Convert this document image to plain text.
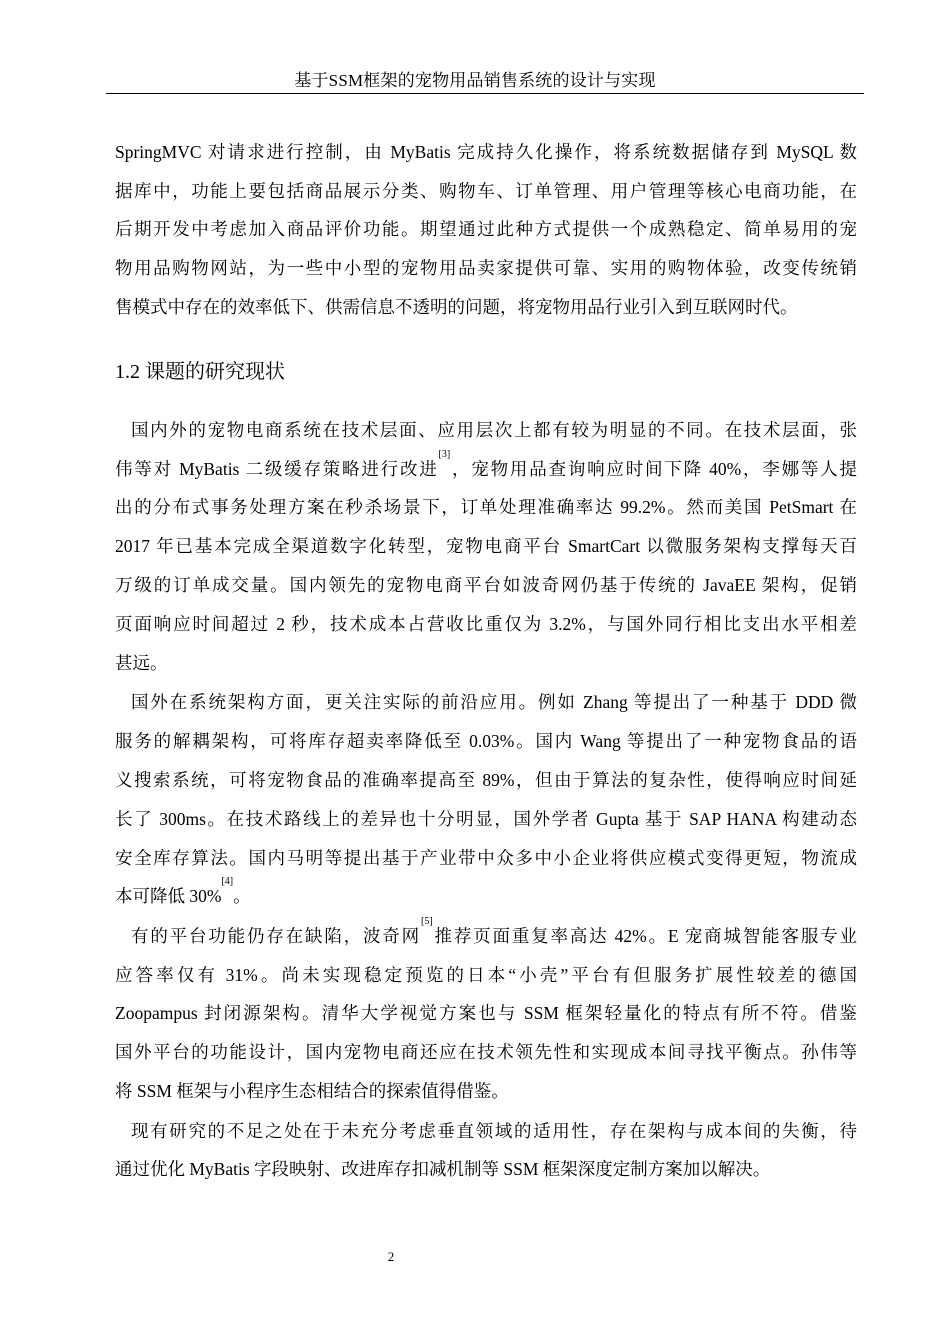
基于SSM框架的宠物用品销售系统的设计与实现
SpringMVC 对请求进行控制，由 MyBatis 完成持久化操作，将系统数据储存到 MySQL 数
据库中，功能上要包括商品展示分类、购物车、订单管理、用户管理等核心电商功能，在
后期开发中考虑加入商品评价功能。期望通过此种方式提供一个成熟稳定、简单易用的宠
物用品购物网站，为一些中小型的宠物用品卖家提供可靠、实用的购物体验，改变传统销
售模式中存在的效率低下、供需信息不透明的问题，将宠物用品行业引入到互联网时代。
1.2 课题的研究现状
国内外的宠物电商系统在技术层面、应用层次上都有较为明显的不同。在技术层面，张
伟等对 MyBatis 二级缓存策略进行改进[3]，宠物用品查询响应时间下降 40%，李娜等人提
出的分布式事务处理方案在秒杀场景下，订单处理准确率达 99.2%。然而美国 PetSmart 在
2017 年已基本完成全渠道数字化转型，宠物电商平台 SmartCart 以微服务架构支撑每天百
万级的订单成交量。国内领先的宠物电商平台如波奇网仍基于传统的 JavaEE 架构，促销
页面响应时间超过 2 秒，技术成本占营收比重仅为 3.2%，与国外同行相比支出水平相差
甚远。
国外在系统架构方面，更关注实际的前沿应用。例如 Zhang 等提出了一种基于 DDD 微
服务的解耦架构，可将库存超卖率降低至 0.03%。国内 Wang 等提出了一种宠物食品的语
义搜索系统，可将宠物食品的准确率提高至 89%，但由于算法的复杂性，使得响应时间延
长了 300ms。在技术路线上的差异也十分明显，国外学者 Gupta 基于 SAP HANA 构建动态
安全库存算法。国内马明等提出基于产业带中众多中小企业将供应模式变得更短，物流成
本可降低 30%[4]。
有的平台功能仍存在缺陷，波奇网[5]推荐页面重复率高达 42%。E 宠商城智能客服专业
应答率仅有 31%。尚未实现稳定预览的日本“小壳”平台有但服务扩展性较差的德国
Zoopampus 封闭源架构。清华大学视觉方案也与 SSM 框架轻量化的特点有所不符。借鉴
国外平台的功能设计，国内宠物电商还应在技术领先性和实现成本间寻找平衡点。孙伟等
将 SSM 框架与小程序生态相结合的探索值得借鉴。
现有研究的不足之处在于未充分考虑垂直领域的适用性，存在架构与成本间的失衡，待
通过优化 MyBatis 字段映射、改进库存扣减机制等 SSM 框架深度定制方案加以解决。
2
